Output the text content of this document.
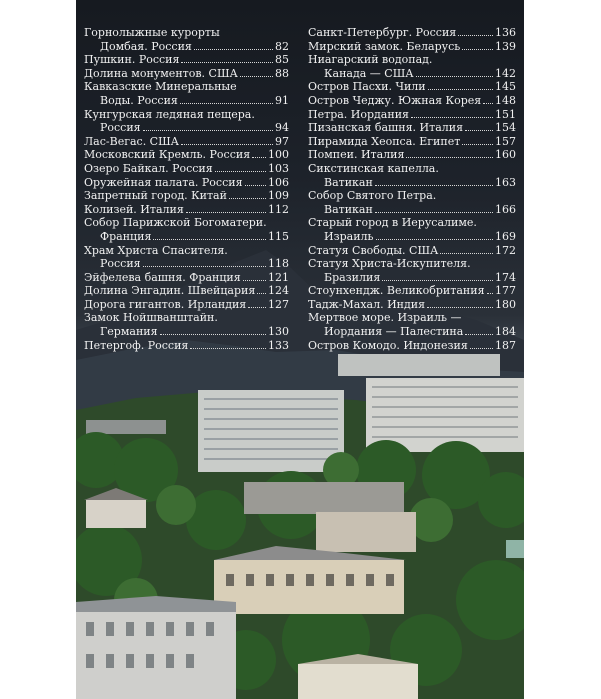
Горнолыжные курорты
Домбая. Россия	82
Пушкин. Россия	85
Долина монументов. США	88
Кавказские Минеральные
Воды. Россия	91
Кунгурская ледяная пещера.
Россия	94
Лас-Вегас. США	97
Московский Кремль. Россия 100
Озеро Байкал. Россия	103
Оружейная палата. Россия 106
Запретный город. Китай	109
Колизей. Италия	112
Собор Парижской Богоматери.
Франция	115
Храм Христа Спасителя.
Россия	118
Эйфелева башня. Франция 121
Долина Энгадин. Швейцария 124
Дорога гигантов. Ирландия 127
Замок Нойшванштайн.
Германия	130
Петергоф. Россия	133
Санкт-Петербург. Россия	136
Мирский замок. Беларусь	139
Ниагарский водопад.
Канада — США	142
Остров Пасхи. Чили	145
Остров Чеджу. Южная Корея 148
Петра. Иордания	151
Пизанская башня. Италия	154
Пирамида Хеопса. Египет	157
Помпеи. Италия	160
Сикстинская капелла.
Ватикан	163
Собор Святого Петра.
Ватикан	166
Старый город в Иерусалиме.
Израиль	169
Статуя Свободы. США	172
Статуя Христа-Искупителя.
Бразилия	174
Стоунхендж. Великобритания 177
Тадж-Махал. Индия	180
Мертвое море. Израиль —
Иордания — Палестина	184
Остров Комодо. Индонезия 187
